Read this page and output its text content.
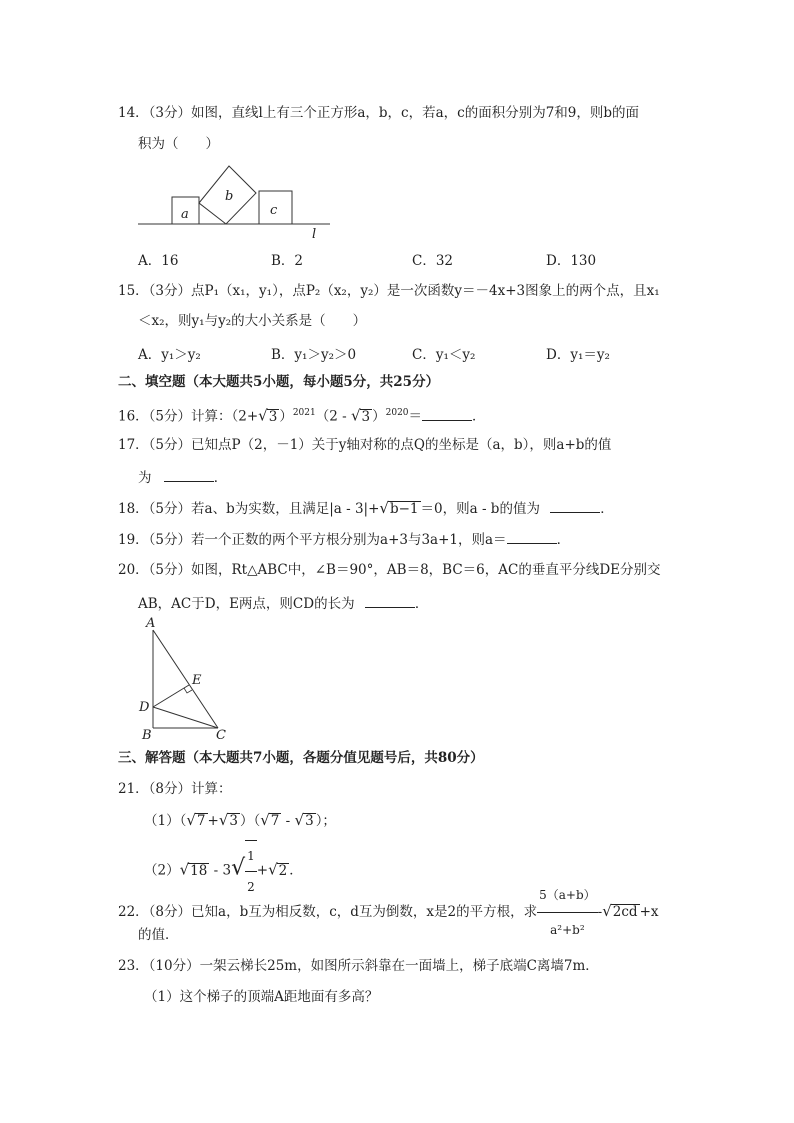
14．（3分）如图，直线l上有三个正方形a，b，c，若a，c的面积分别为7和9，则b的面
积为（　　）
a
b
c
l
A．16	B．2	C．32	D．130
15．（3分）点P₁（x₁，y₁），点P₂（x₂，y₂）是一次函数y＝－4x+3图象上的两个点，且x₁
＜x₂，则y₁与y₂的大小关系是（　　）
A．y₁＞y₂	B．y₁＞y₂＞0	C．y₁＜y₂	D．y₁＝y₂
二、填空题（本大题共5小题，每小题5分，共25分）
16．（5分）计算：（2+√3 ）$^{2021}$（2 - √3 ）$^{2020}$＝	．
17．（5分）已知点P（2，－1）关于y轴对称的点Q的坐标是（a，b），则a+b的值
为	．
18．（5分）若a、b为实数，且满足|a - 3|+√b−1 ＝0，则a - b的值为	．
19．（5分）若一个正数的两个平方根分别为a+3与3a+1，则a＝	．
20．（5分）如图，Rt△ABC中，∠B＝90°，AB＝8，BC＝6，AC的垂直平分线DE分别交
AB，AC于D，E两点，则CD的长为	．
A
E
D
B	C
三、解答题（本大题共7小题，各题分值见题号后，共80分）
21．（8分）计算：
（1）（√7 +√3 ）（√7 - √3 ）；
$(2)√18 - 3√ \frac{1}{2} +√2$ ．
22．（8分）已知a，b互为相反数，c，d互为倒数，x是2的平方根，求 $\frac{5(a+b)}{\text{a²+b²}} -√2cd +x$
的值．
23．（10分）一架云梯长25m，如图所示斜靠在一面墙上，梯子底端C离墙7m．
（1）这个梯子的顶端A距地面有多高？
